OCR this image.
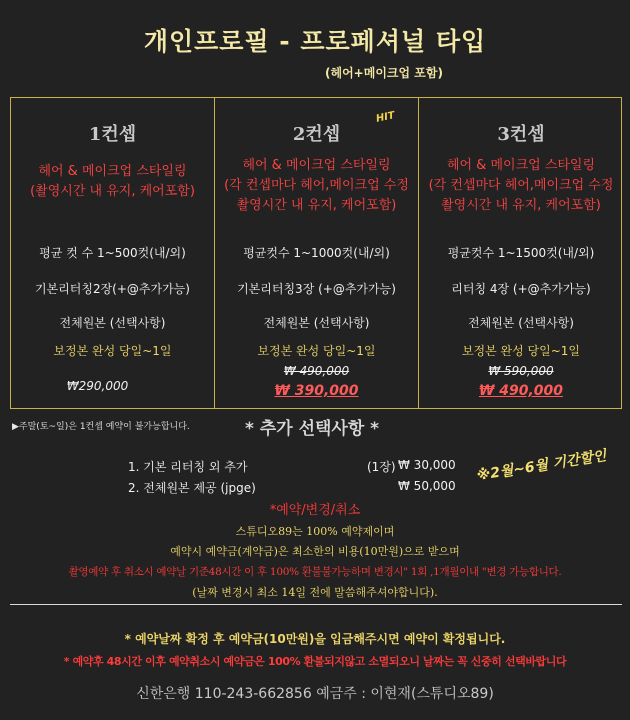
개인프로필 - 프로페셔널 타입
(헤어+메이크업 포함)
1컨셉
헤어 & 메이크업 스타일링
(촬영시간 내 유지, 케어포함)
평균 컷 수 1~500컷(내/외)
기본리터칭2장(+@추가가능)
전체원본 (선택사항)
보정본 완성 당일~1일
₩290,000
2컨셉
헤어 & 메이크업 스타일링
(각 컨셉마다 헤어,메이크업 수정
촬영시간 내 유지, 케어포함)
평균컷수 1~1000컷(내/외)
기본리터칭3장 (+@추가가능)
전체원본 (선택사항)
보정본 완성 당일~1일
₩ 490,000
₩ 390,000
3컨셉
헤어 & 메이크업 스타일링
(각 컨셉마다 헤어,메이크업 수정
촬영시간 내 유지, 케어포함)
평균컷수 1~1500컷(내/외)
리터칭 4장 (+@추가가능)
전체원본 (선택사항)
보정본 완성 당일~1일
₩ 590,000
₩ 490,000
HIT
▶주말(토~일)은 1컨셉 예약이 불가능합니다.	* 추가 선택사항 *
1. 기본 리터칭 외 추가	(1장) ₩ 30,000
2. 전체원본 제공 (jpge)	₩ 50,000
※2월~6월 기간할인
*예약/변경/취소
스튜디오89는 100% 예약제이며
예약시 예약금(계약금)은 최소한의 비용(10만원)으로 받으며
촬영예약 후 취소시 예약날 기준48시간 이 후 100% 환불불가능하며 변경시" 1회 ,1개월이내 "변경 가능합니다.
(날짜 변경시 최소 14일 전에 말씀해주셔야합니다).
* 예약날짜 확정 후 예약금(10만원)을 입금해주시면 예약이 확정됩니다.
* 예약후 48시간 이후 예약취소시 예약금은 100% 환불되지않고 소멸되오니 날짜는 꼭 신중히 선택바랍니다
신한은행 110-243-662856 예금주 : 이현재(스튜디오89)
